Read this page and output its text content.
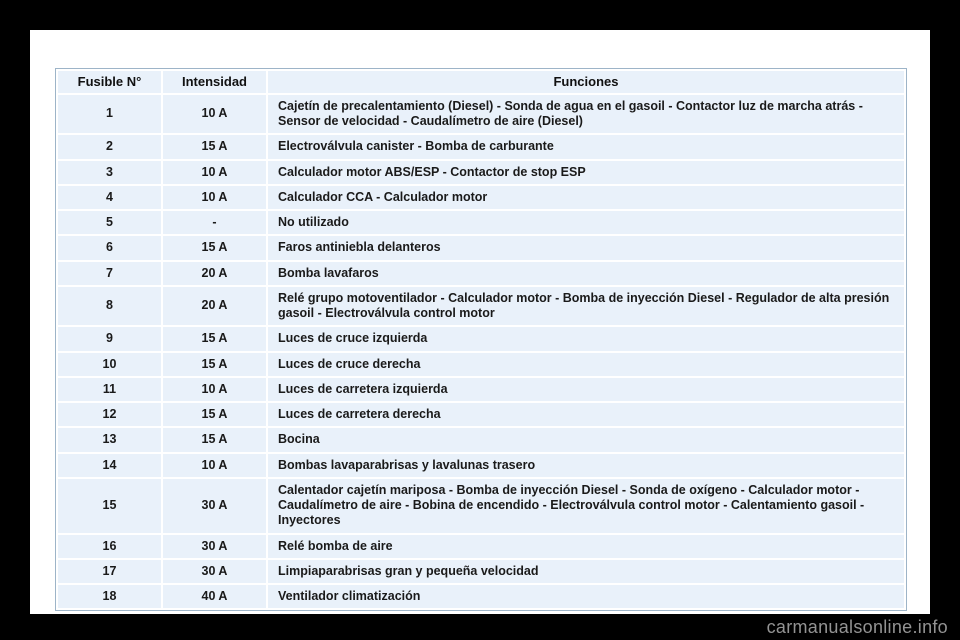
Fusible N°	Intensidad	Funciones
1	10 A	Cajetín de precalentamiento (Diesel) - Sonda de agua en el gasoil - Contactor luz de marcha atrás - Sensor de velocidad - Caudalímetro de aire (Diesel)
2	15 A	Electroválvula canister - Bomba de carburante
3	10 A	Calculador motor ABS/ESP - Contactor de stop ESP
4	10 A	Calculador CCA - Calculador motor
5	-	No utilizado
6	15 A	Faros antiniebla delanteros
7	20 A	Bomba lavafaros
8	20 A	Relé grupo motoventilador - Calculador motor - Bomba de inyección Diesel - Regulador de alta presión gasoil - Electroválvula control motor
9	15 A	Luces de cruce izquierda
10	15 A	Luces de cruce derecha
11	10 A	Luces de carretera izquierda
12	15 A	Luces de carretera derecha
13	15 A	Bocina
14	10 A	Bombas lavaparabrisas y lavalunas trasero
15	30 A	Calentador cajetín mariposa - Bomba de inyección Diesel - Sonda de oxígeno - Calculador motor - Caudalímetro de aire - Bobina de encendido - Electroválvula control motor - Calentamiento gasoil - Inyectores
16	30 A	Relé bomba de aire
17	30 A	Limpiaparabrisas gran y pequeña velocidad
18	40 A	Ventilador climatización
carmanualsonline.info
